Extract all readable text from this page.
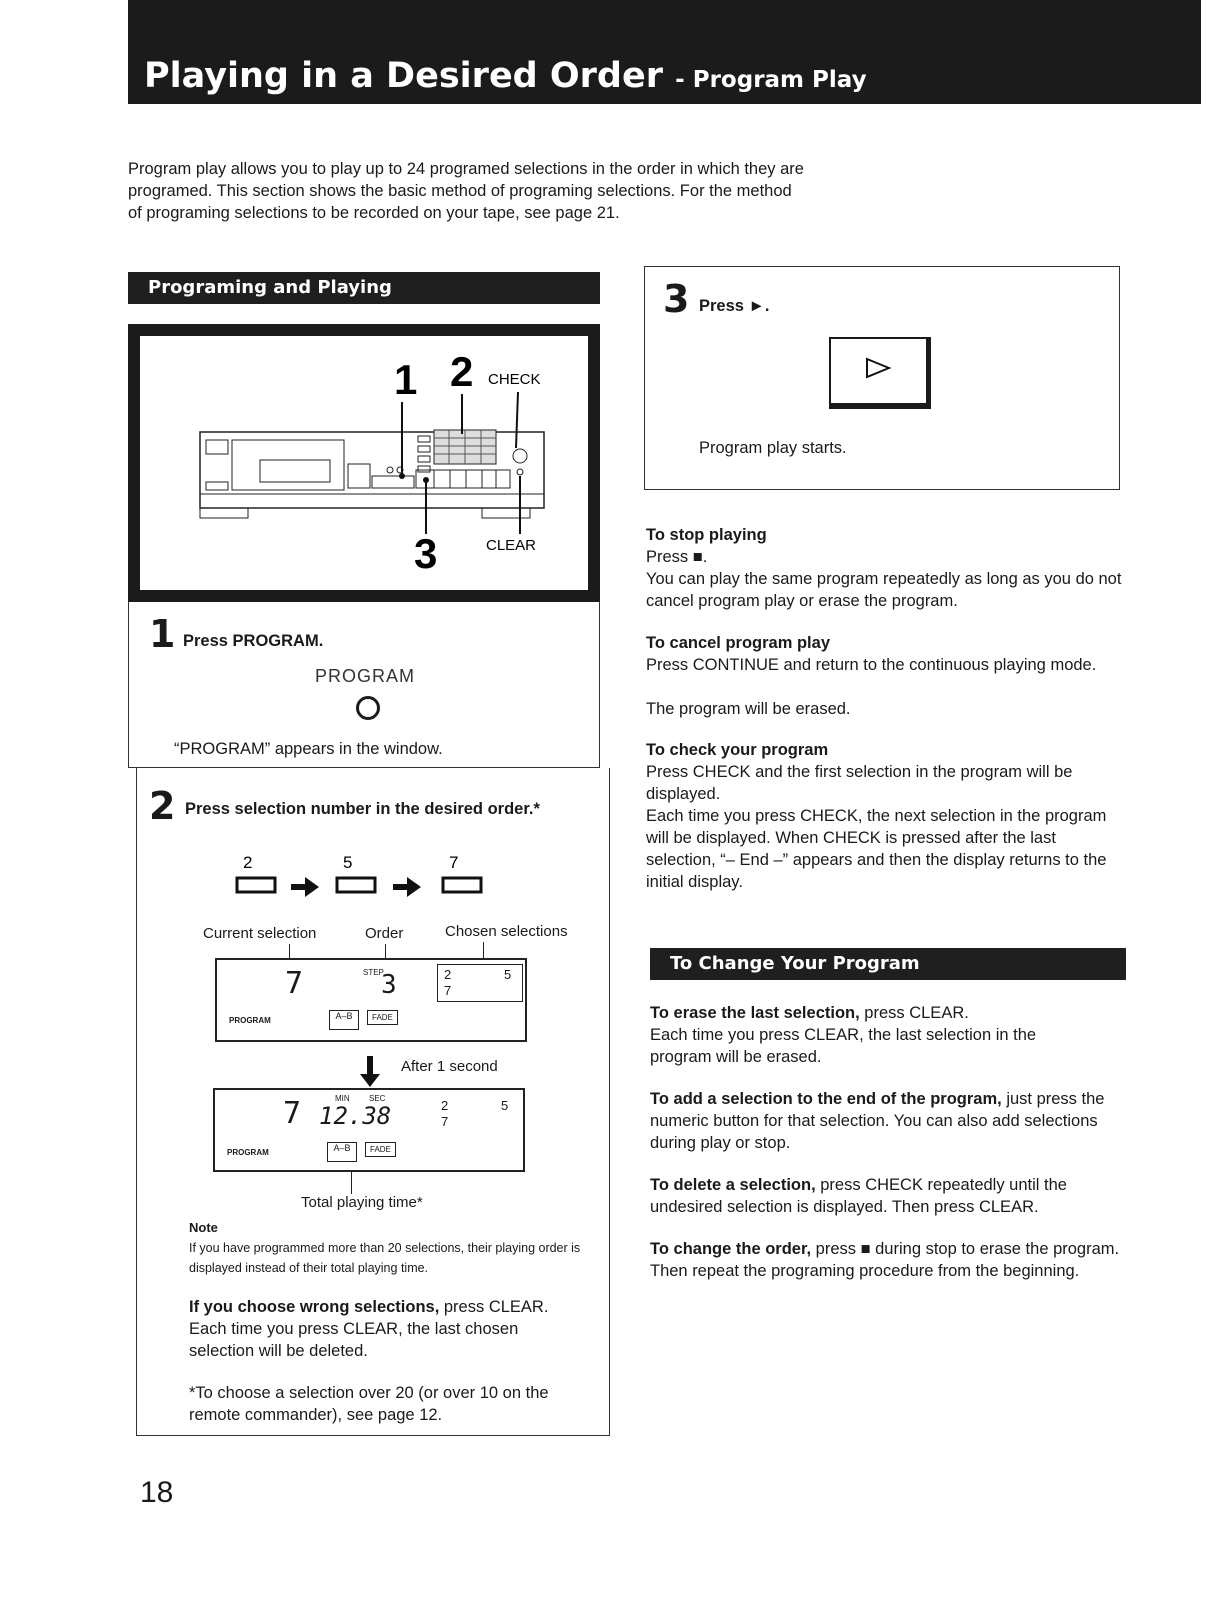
Playing in a Desired Order - Program Play
Program play allows you to play up to 24 programed selections in the order in which they are programed. This section shows the basic method of programing selections. For the method of programing selections to be recorded on your tape, see page 21.
Programing and Playing
1 2 CHECK
3	CLEAR
1 Press PROGRAM.
PROGRAM
“PROGRAM” appears in the window.
2 Press selection number in the desired order.*
2	5	7
Current selection	Order	Chosen selections
7	STEP
3	2	5
7
PROGRAM	A–B	FADE
After 1 second
7	MIN SEC
12.38	2	5
7
PROGRAM	A–B	FADE
Total playing time*
Note
If you have programmed more than 20 selections, their playing order is displayed instead of their total playing time.
If you choose wrong selections, press CLEAR.
Each time you press CLEAR, the last chosen selection will be deleted.
*To choose a selection over 20 (or over 10 on the remote commander), see page 12.
3 Press ►.
Program play starts.
To stop playing
Press ■.
You can play the same program repeatedly as long as you do not cancel program play or erase the program.
To cancel program play
Press CONTINUE and return to the continuous playing mode.
The program will be erased.
To check your program
Press CHECK and the first selection in the program will be displayed.
Each time you press CHECK, the next selection in the program will be displayed. When CHECK is pressed after the last selection, “– End –” appears and then the display returns to the initial display.
To Change Your Program
To erase the last selection, press CLEAR.
Each time you press CLEAR, the last selection in the program will be erased.
To add a selection to the end of the program, just press the numeric button for that selection. You can also add selections during play or stop.
To delete a selection, press CHECK repeatedly until the undesired selection is displayed. Then press CLEAR.
To change the order, press ■ during stop to erase the program. Then repeat the programing procedure from the beginning.
18
